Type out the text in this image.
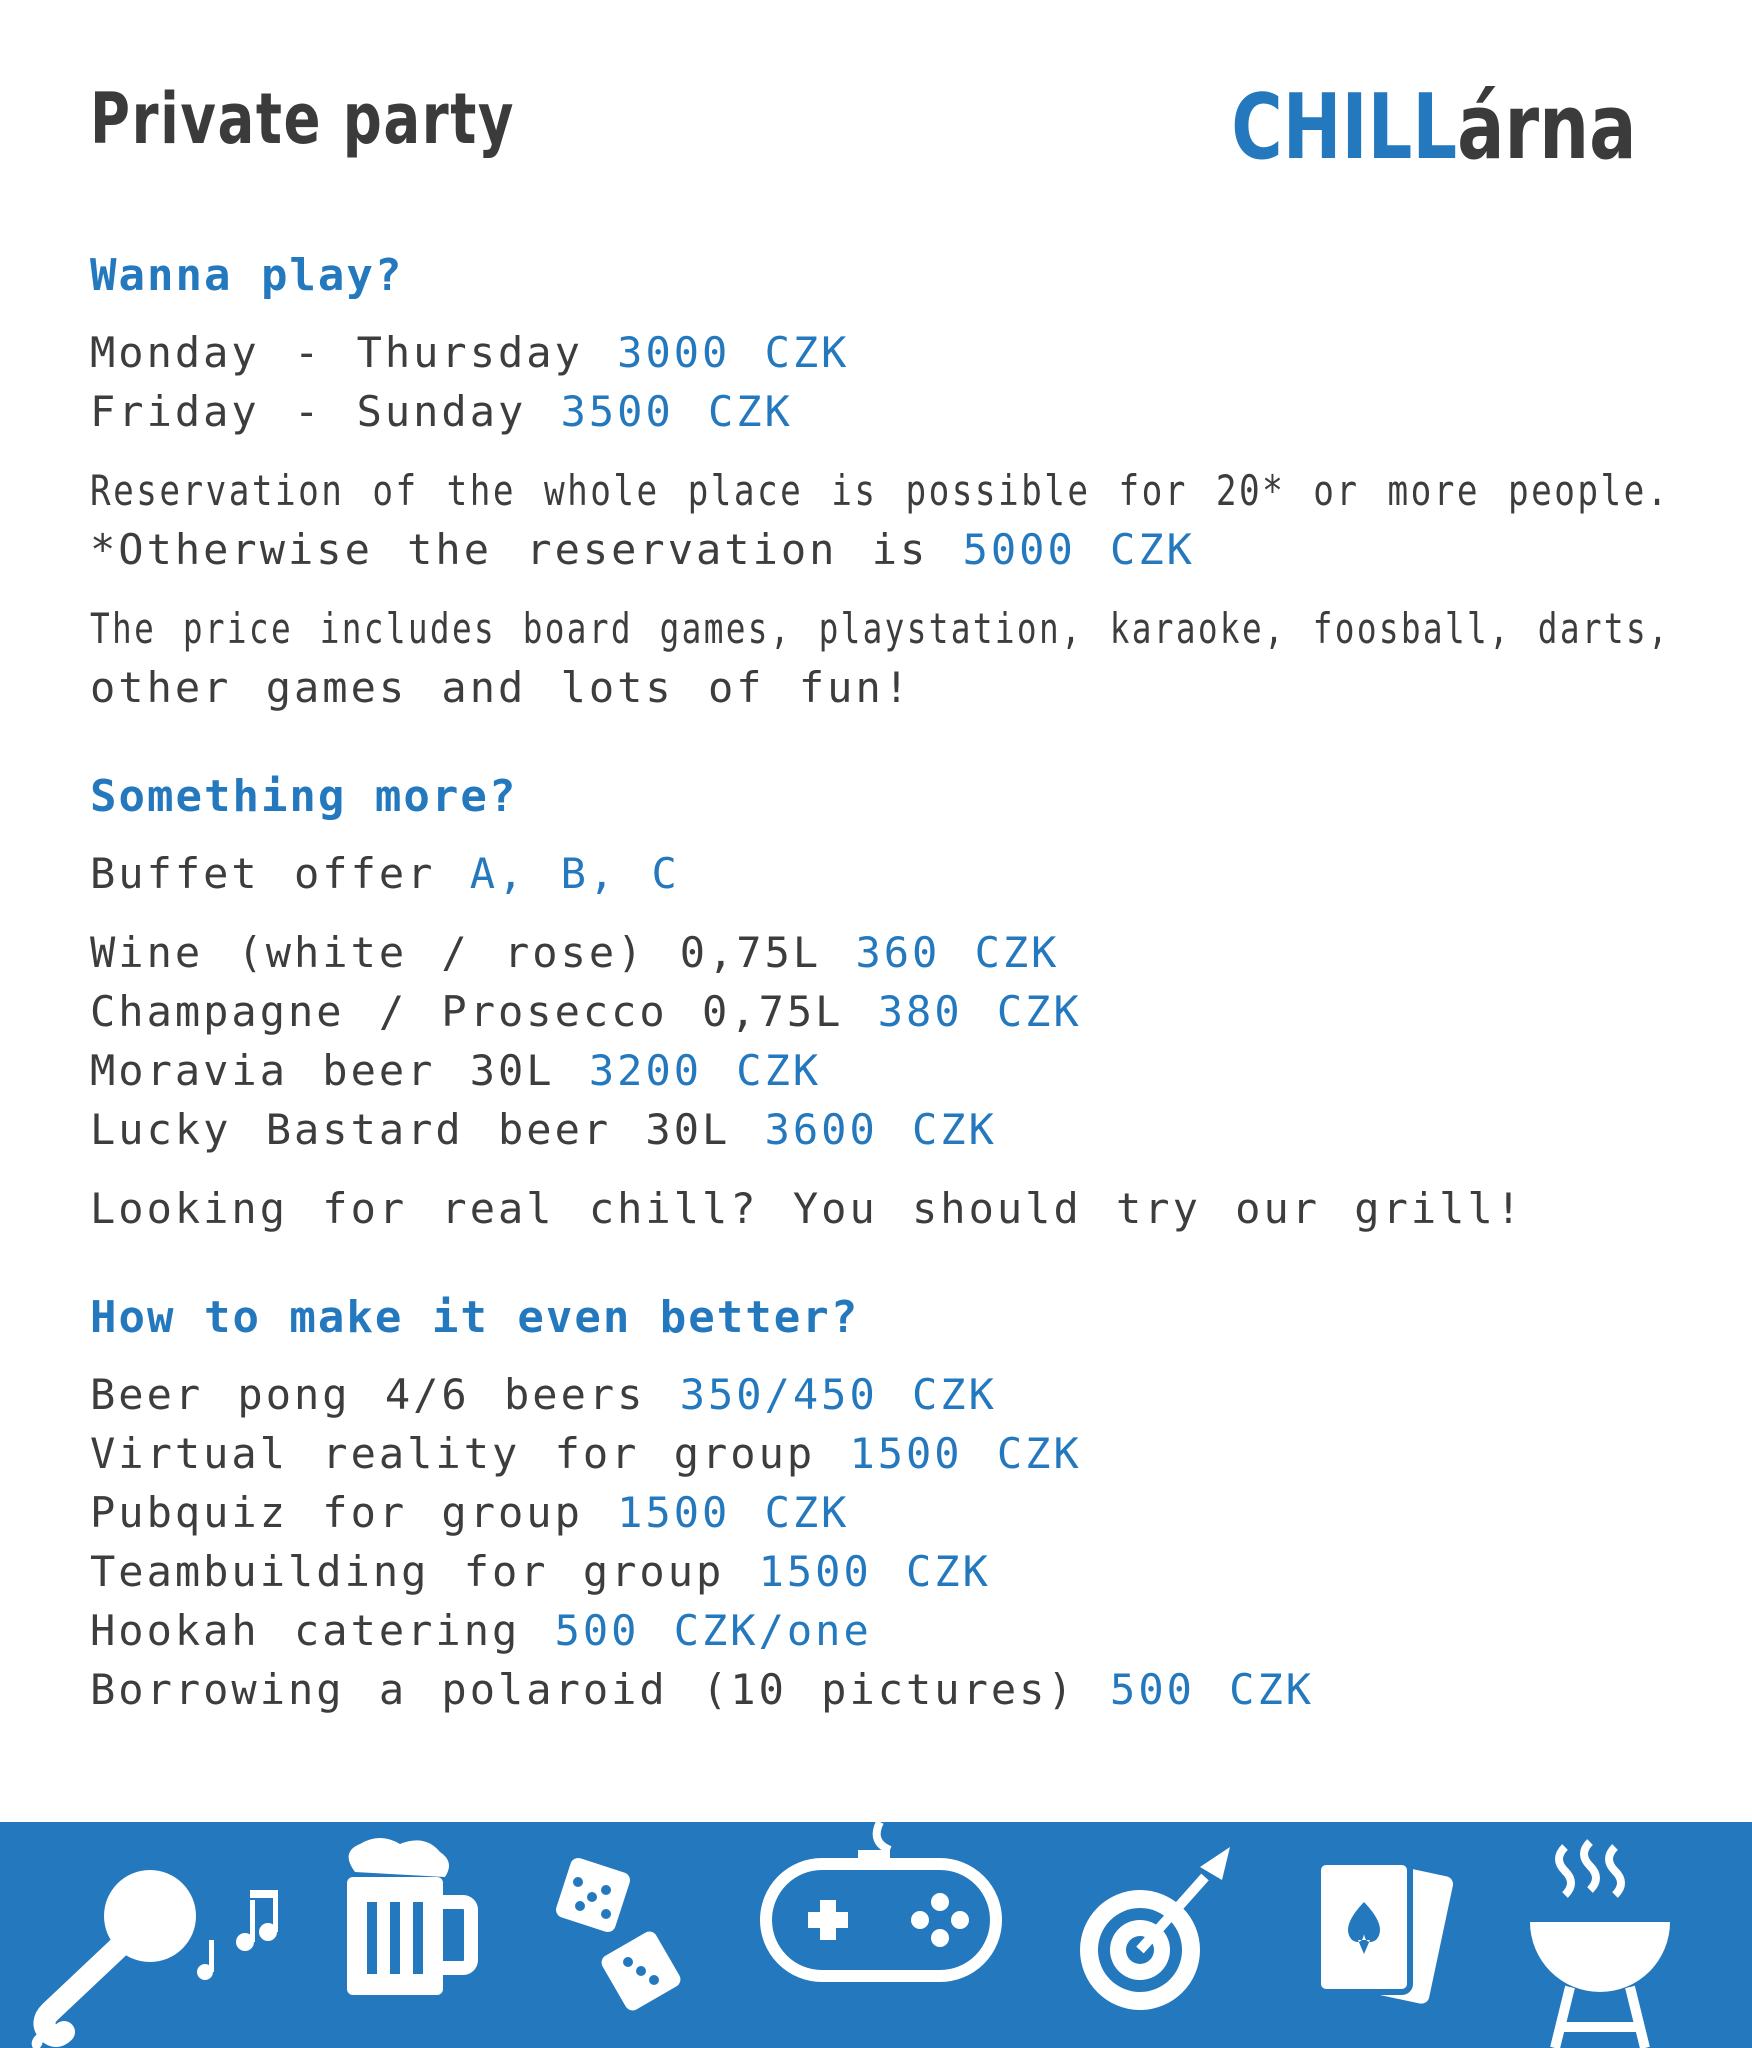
Private party	CHILLárna
Wanna play?
Monday - Thursday 3000 CZK
Friday - Sunday 3500 CZK
Reservation of the whole place is possible for 20* or more people.
*Otherwise the reservation is 5000 CZK
The price includes board games, playstation, karaoke, foosball, darts,
other games and lots of fun!
Something more?
Buffet offer A, B, C
Wine (white / rose) 0,75L 360 CZK
Champagne / Prosecco 0,75L 380 CZK
Moravia beer 30L 3200 CZK
Lucky Bastard beer 30L 3600 CZK
Looking for real chill? You should try our grill!
How to make it even better?
Beer pong 4/6 beers 350/450 CZK
Virtual reality for group 1500 CZK
Pubquiz for group 1500 CZK
Teambuilding for group 1500 CZK
Hookah catering 500 CZK/one
Borrowing a polaroid (10 pictures) 500 CZK
